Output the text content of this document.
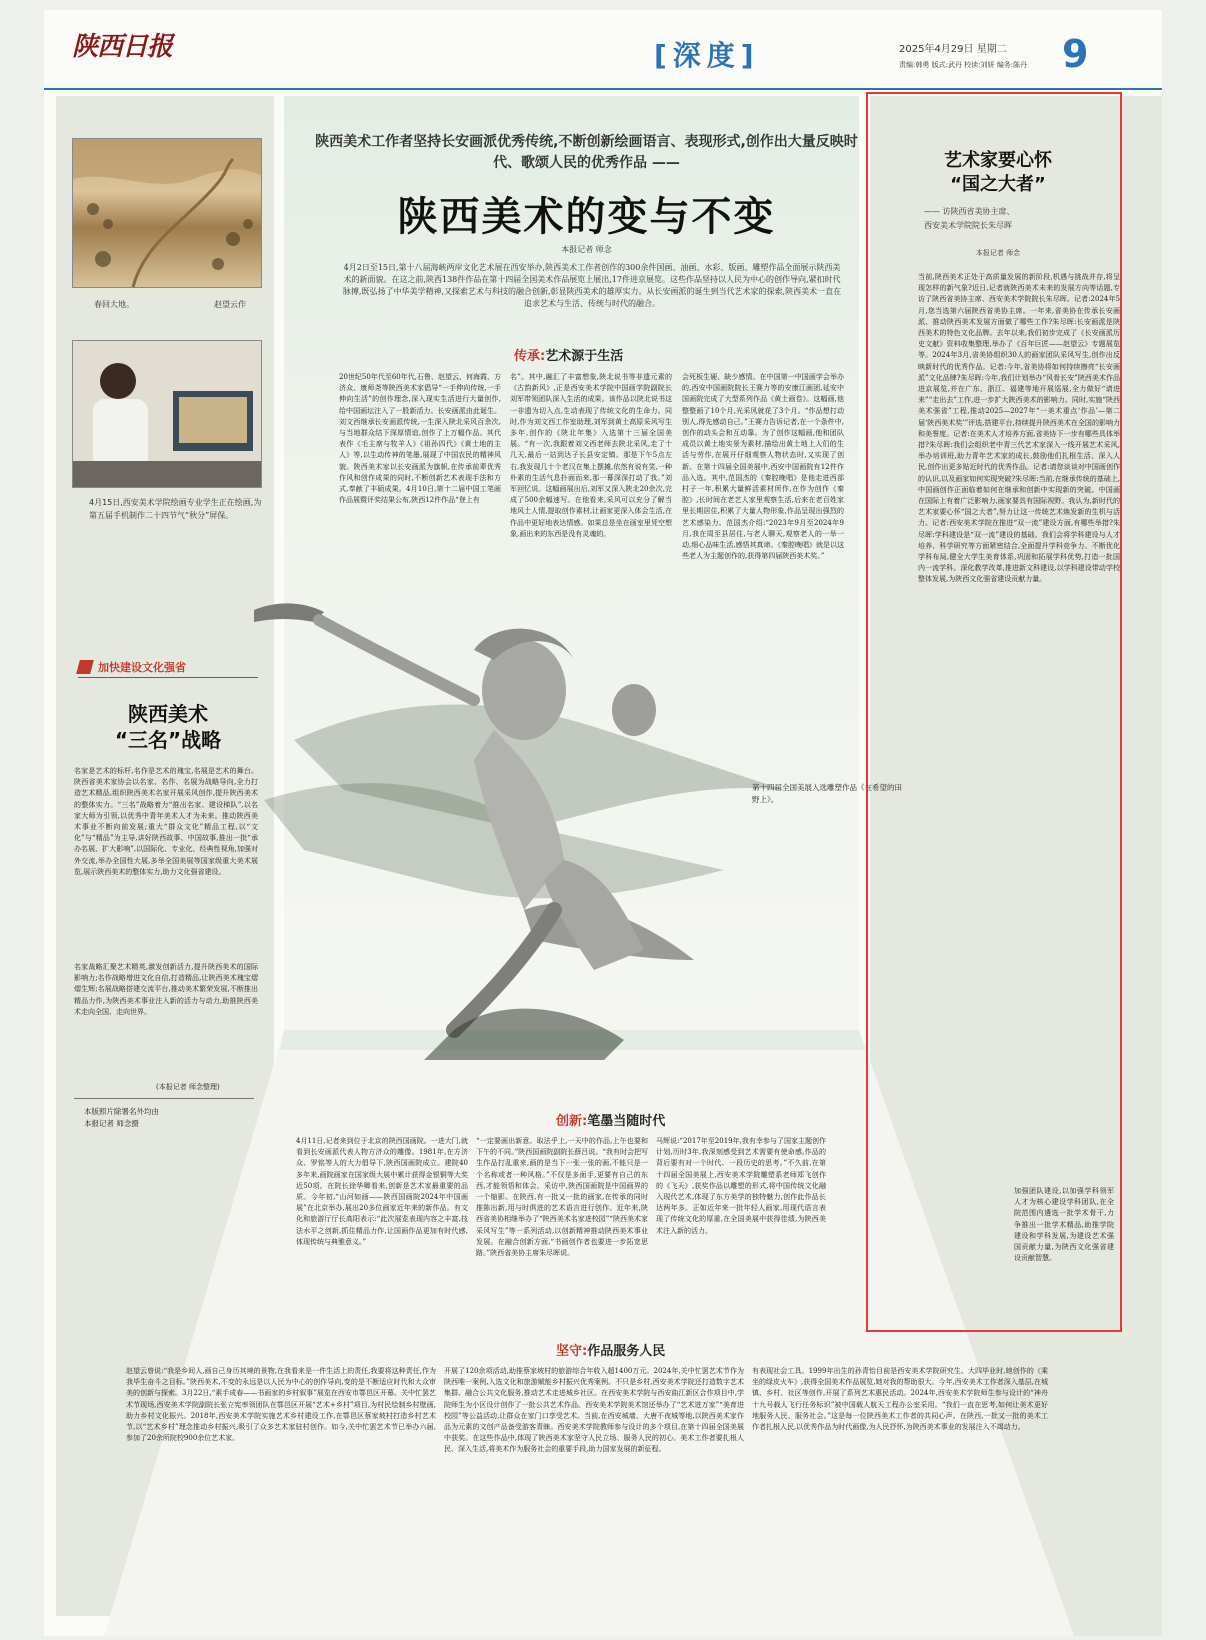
陕西日报	[深度]	2025年4月29日 星期二
责编:韩勇 版式:武丹 校读:刘妍 编务:陈丹 9
春回大地。	赵望云作
4月15日,西安美术学院绘画专业学生正在绘画,为第五届手机制作二十四节气“秋分”屏保。
加快建设文化强省
陕西美术
“三名”战略
名家是艺术的标杆,名作是艺术的瑰宝,名展是艺术的舞台。陕西省美术家协会以名家、名作、名展为战略导向,全力打造艺术精品,组织陕西美术名家开展采风创作,提升陕西美术的整体实力。“三名”战略着力“推出名家、建设梯队”,以名家大师为引领,以优秀中青年美术人才为未来。推动陕西美术事业不断向前发展;重大“群众文化”精品工程,以“文化”与“精品”为主导,讲好陕西故事、中国故事,推出一批“承办名展、扩大影响”,以国际化、专业化、经典性视角,加强对外交流,举办全国性大展,多举全国美展等国家级重大美术展览,展示陕西美术的整体实力,助力文化强省建设。
名家战略汇聚艺术精英,激发创新活力,提升陕西美术的国际影响力;名作战略增进文化自信,打造精品,让陕西美术瑰宝熠熠生辉;名展战略搭建交流平台,推动美术繁荣发展,不断推出精品力作,为陕西美术事业注入新的活力与动力,助推陕西美术走向全国、走向世界。
(本报记者 师念整理)
本版照片除署名外均由
本报记者 师念摄
陕西美术工作者坚持长安画派优秀传统,不断创新绘画语言、表现形式,创作出大量反映时代、歌颂人民的优秀作品 ——
陕西美术的变与不变
本报记者 师念
4月2日至15日,第十八届海峡两岸文化艺术展在西安举办,陕西美术工作者创作的300余件国画、油画、水彩、版画、雕塑作品全面展示陕西美术的新面貌。在这之前,陕西138件作品在第十四届全国美术作品展览上展出,17件进京展览。这些作品坚持以人民为中心的创作导向,紧扣时代脉搏,既弘扬了中华美学精神,又探索艺术与科技的融合创新,彰显陕西美术的雄厚实力。从长安画派的诞生到当代艺术家的探索,陕西美术一直在追求艺术与生活、传统与时代的融合。
传承:艺术源于生活
20世纪50年代至60年代,石鲁、赵望云、何海霞、方济众、康师尧等陕西美术家倡导“一手伸向传统,一手伸向生活”的创作理念,深入现实生活进行大量创作,给中国画坛注入了一股新活力。长安画派由此诞生。刘文西继承长安画派传统,一生深入陕北采风百余次,与当地群众结下深厚情谊,创作了上万幅作品。其代表作《毛主席与牧羊人》《祖孙四代》《黄土地的主人》等,以生动传神的笔墨,展现了中国农民的精神风貌。陕西美术家以长安画派为旗帜,在传承前辈优秀作风和创作成果的同时,不断创新艺术表现手法和方式,奉献了丰硕成果。4月10日,第十二届中国工笔画作品展暨评奖结果公布,陕西12件作品“登上有
名”。其中,融汇了丰富想象,陕北说书等非遗元素的《古韵新风》,正是西安美术学院中国画学院副院长刘军带领团队深入生活的成果。该作品以陕北说书这一非遗为切入点,生动表现了传统文化的生命力。同时,作为刘文西工作室助理,刘军到黄土高原采风写生多年,创作的《陕北年集》入选第十三届全国美展。“有一次,我跟着刘文西老师去陕北采风,走了十几天,最后一站到达子长县安定镇。那是下午5点左右,我发现几十个老汉在集上摆摊,依然有说有笑,一种朴素的生活气息扑面而来,那一幕深深打动了我。”刘军回忆说。这幅画展出后,刘军又深入陕北20余次,完成了500余幅速写。在他看来,采风可以充分了解当地风土人情,提取创作素材,让画家更深入体会生活,在作品中更好地表达情感。如果总是坐在画室里凭空想象,画出来的东西是没有灵魂的。
会死板生硬、缺少感情。在中国第一中国画学会举办的,西安中国画院院长王赛力等的安康江画团,延安中国画院完成了大型系列作品《黄土画卷》。这幅画,他整整画了10个月,光采风就花了3个月。“作品想打动别人,得先感动自己。”王赛力告诉记者,在一个条件中,创作的动头会和互动靠。为了创作这幅画,他和团队成员以黄土地实景为素材,描绘出黄土地上人们的生活与劳作,在展开仔细观察人物状态时,又实现了创新。在第十四届全国美展中,西安中国画院有12件作品入选。其中,范国杰的《秦腔晚唱》是他走进西部村子一年,积累大量鲜活素材所作,在作为创作《秦腔》,长时间在老艺人家里观察生活,后来在老百姓家里长期居住,积累了大量人物形象,作品呈现出强烈的艺术感染力。范国杰介绍:“2023年9月至2024年9月,我在周至县居住,与老人聊天,观察老人的一举一动,细心品味生活,感悟其真谛。《秦腔晚唱》就是以这些老人为主题创作的,获得第四届陕西美术奖。”
第十四届全国美展入选雕塑作品《在希望的田野上》。
创新:笔墨当随时代
4月11日,记者来到位于北京的陕西国画院。一进大门,就看到长安画派代表人物方济众的雕像。1981年,在方济众、罗铭等人的大力倡导下,陕西国画院成立。建院40多年来,画院画家在国家级大展中累计获得金银铜等大奖近50项。在院长徐华卿看来,创新是艺术家最重要的品质。今年初,“山河如画——陕西国画院2024年中国画展”在北京举办,展出20多位画家近年来的新作品。有文化和旅游厅厅长高阳表示:“此次展览表现内容之丰富,技法水平之创新,抓住精品力作,让国画作品更加有时代感,体现传统与典雅意义。”
“一定要画出新意。取法乎上,一天中的作品,上午也要和下午的不同。”陕西国画院副院长薛吕说。“我有时会把写生作品打乱重来,画的是当下一张一张的画,不能只是一个名称或者一种风格。”不仅是多面手,更要有自己的东西,才能领悟和体会。采访中,陕西国画院是中国画界的一个缩影。在陕西,有一批又一批的画家,在传承的同时推陈出新,用与时俱进的艺术语言进行创作。近年来,陕西省美协相继举办了“陕西美术名家进校园”“陕西美术家采风写生”等一系列活动,以创新精神推动陕西美术事业发展。在融合创新方面,“书画创作者也要进一步拓宽思路。”陕西省美协主席朱尽晖说。
马辉说:“2017年至2019年,我有幸参与了国家主题创作计划,历时3年,我深刻感受到艺术需要有使命感,作品的背后要有对一个时代、一段历史的思考。”不久前,在第十四届全国美展上,西安美术学院雕塑系老师郑飞创作的《飞天》,获奖作品以雕塑的形式,将中国传统文化融入现代艺术,体现了东方美学的独特魅力,创作此作品长达两年多。正如近年来一批年轻人画家,用现代语言表现了传统文化的厚重,在全国美展中获得佳绩,为陕西美术注入新的活力。
坚守:作品服务人民
赵望云曾说:“我是乡间人,画自己身历其境的景物,在我看来是一件生活上的责任,我要将这种责任,作为我毕生奋斗之目标。”陕西美术,不变的永远是以人民为中心的创作导向,变的是不断适应时代和大众审美的创新与探索。3月22日,“素手成春——书画家的乡村叙事”展览在西安市鄠邑区开幕。关中忙罢艺术节现场,西安美术学院副院长张立宪率领团队在鄠邑区开展“艺术+乡村”项目,为村民绘制乡村壁画,助力乡村文化振兴。2018年,西安美术学院实施艺术乡村建设工作,在鄠邑区蔡家坡村打造乡村艺术节,以“艺术乡村”理念推动乡村振兴,吸引了众多艺术家驻村创作。如今,关中忙罢艺术节已举办六届,参加了20余所院校900余位艺术家。
开展了120余项活动,助推蔡家坡村的旅游综合年收入超1400万元。2024年,关中忙罢艺术节作为陕西唯一案例,入选文化和旅游赋能乡村振兴优秀案例。不只是乡村,西安美术学院还打造数字艺术集群、融合公共文化服务,推动艺术走进城乡社区。在西安美术学院与西安曲江新区合作项目中,学院师生为小区设计创作了一批公共艺术作品。西安美术学院美术馆还举办了“艺术进万家”“美育进校园”等公益活动,让群众在家门口享受艺术。当前,在西安城墙、大唐不夜城等地,以陕西美术家作品为元素的文创产品备受游客青睐。西安美术学院教师参与设计的多个项目,在第十四届全国美展中获奖。在这些作品中,体现了陕西美术家坚守人民立场、服务人民的初心。美术工作者要扎根人民、深入生活,将美术作为服务社会的重要手段,助力国家发展的新征程。
有表现社会工具。1999年出生的孙青怡目前是西安美术学院研究生。大四毕业时,她创作的《乘坐的绿皮火车》,获得全国美术作品展览,她对我的帮助很大。今年,西安美术工作者深入基层,在城镇、乡村、社区等创作,开展了系列艺术惠民活动。2024年,西安美术学院师生参与设计的“神舟十九号载人飞行任务标识”被中国载人航天工程办公室采用。“我们一直在思考,如何让美术更好地服务人民、服务社会。”这是每一位陕西美术工作者的共同心声。在陕西,一批又一批的美术工作者扎根人民,以优秀作品为时代画像,为人民抒怀,为陕西美术事业的发展注入不竭动力。
艺术家要心怀
“国之大者”
—— 访陕西省美协主席、
西安美术学院院长朱尽晖
本报记者 师念
当前,陕西美术正处于高质量发展的新阶段,机遇与挑战并存,将呈现怎样的新气象?近日,记者就陕西美术未来的发展方向等话题,专访了陕西省美协主席、西安美术学院院长朱尽晖。记者:2024年5月,您当选第六届陕西省美协主席。一年来,省美协在传承长安画派、推动陕西美术发展方面做了哪些工作?朱尽晖:长安画派是陕西美术的特色文化品牌。去年以来,我们初步完成了《长安画派历史文献》资料收集整理,举办了《百年巨匠——赵望云》专题展览等。2024年3月,省美协组织30人的画家团队采风写生,创作出反映新时代的优秀作品。记者:今年,省美协将如何持续擦亮“长安画派”文化品牌?朱尽晖:今年,我们计划举办“风骨长安”陕西美术作品进京展览,并在广东、浙江、福建等地开展巡展,全力做好“请进来”“走出去”工作,进一步扩大陕西美术的影响力。同时,实施“陕西美术强省”工程,推动2025—2027年“一美术重点‘作品’—第二届‘陕西美术奖’”评选,搭建平台,持续提升陕西美术在全国的影响力和美誉度。记者:在美术人才培养方面,省美协下一步有哪些具体举措?朱尽晖:我们会组织老中青三代艺术家深入一线开展艺术采风,举办培训班,助力青年艺术家的成长,鼓励他们扎根生活、深入人民,创作出更多贴近时代的优秀作品。记者:请您谈谈对中国画创作的认识,以及画家如何实现突破?朱尽晖:当前,在继承传统的基础上,中国画创作正面临着如何在继承和创新中实现新的突破。中国画在国际上有着广泛影响力,画家要具有国际视野。我认为,新时代的艺术家要心怀“国之大者”,努力让这一传统艺术焕发新的生机与活力。记者:西安美术学院在推进“双一流”建设方面,有哪些举措?朱尽晖:学科建设是“双一流”建设的基础。我们会将学科建设与人才培养、科学研究等方面紧密结合,全面提升学科竞争力。不断优化学科布局,健全大学生美育体系,巩固和拓展学科优势,打造一批国内一流学科。深化教学改革,推进新文科建设,以学科建设带动学校整体发展,为陕西文化强省建设贡献力量。
加强团队建设,以加强学科领军人才为核心建设学科团队,在全院范围内遴选一批学术骨干,力争推出一批学术精品,助推学院建设和学科发展,为建设艺术强国贡献力量,为陕西文化强省建设贡献智慧。
